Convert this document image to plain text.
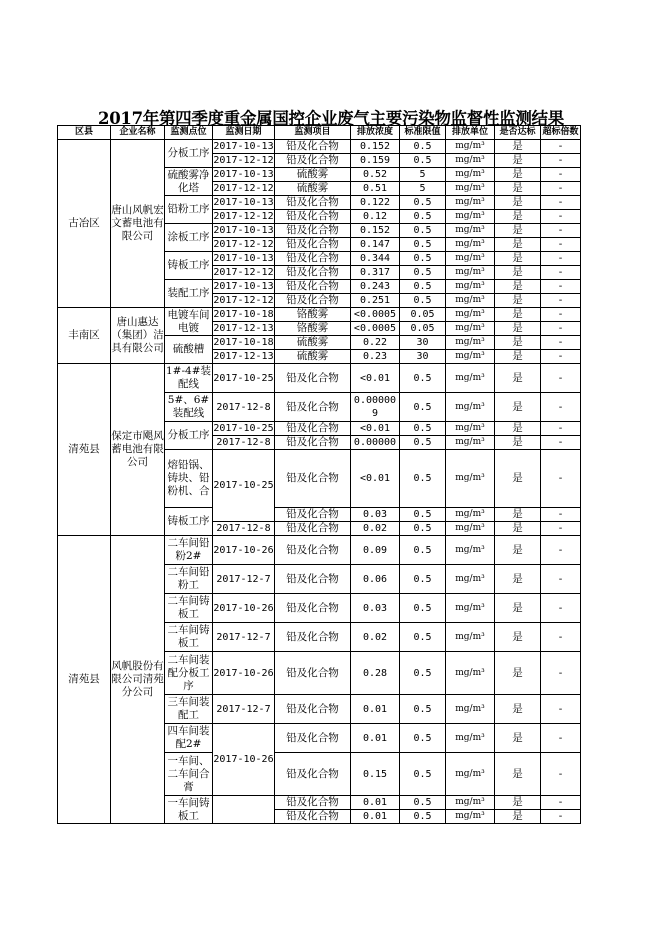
2017年第四季度重金属国控企业废气主要污染物监督性监测结果
区县	企业名称	监测点位	监测日期	监测项目	排放浓度	标准限值	排放单位	是否达标	超标倍数
古冶区	唐山风帆宏文蓄电池有限公司	分板工序	2017-10-13	铅及化合物	0.152	0.5	mg/m³	是	-
			2017-12-12	铅及化合物	0.159	0.5	mg/m³	是	-
		硫酸雾净化塔	2017-10-13	硫酸雾	0.52	5	mg/m³	是	-
			2017-12-12	硫酸雾	0.51	5	mg/m³	是	-
		铅粉工序	2017-10-13	铅及化合物	0.122	0.5	mg/m³	是	-
			2017-12-12	铅及化合物	0.12	0.5	mg/m³	是	-
		涂板工序	2017-10-13	铅及化合物	0.152	0.5	mg/m³	是	-
			2017-12-12	铅及化合物	0.147	0.5	mg/m³	是	-
		铸板工序	2017-10-13	铅及化合物	0.344	0.5	mg/m³	是	-
			2017-12-12	铅及化合物	0.317	0.5	mg/m³	是	-
		装配工序	2017-10-13	铅及化合物	0.243	0.5	mg/m³	是	-
			2017-12-12	铅及化合物	0.251	0.5	mg/m³	是	-
丰南区	唐山惠达（集团）洁具有限公司	电镀车间电镀	2017-10-18	铬酸雾	<0.0005	0.05	mg/m³	是	-
			2017-12-13	铬酸雾	<0.0005	0.05	mg/m³	是	-
		硫酸槽	2017-10-18	硫酸雾	0.22	30	mg/m³	是	-
			2017-12-13	硫酸雾	0.23	30	mg/m³	是	-
清苑县	保定市飓风蓄电池有限公司	1#-4#装配线	2017-10-25	铅及化合物	<0.01	0.5	mg/m³	是	-
		5#、6#装配线	2017-12-8	铅及化合物	0.000009	0.5	mg/m³	是	-
		分板工序	2017-10-25	铅及化合物	<0.01	0.5	mg/m³	是	-
			2017-12-8	铅及化合物	0.00000	0.5	mg/m³	是	-
		熔铅锅、铸块、铅粉机、合	2017-10-25	铅及化合物	<0.01	0.5	mg/m³	是	-
		铸板工序		铅及化合物	0.03	0.5	mg/m³	是	-
			2017-12-8	铅及化合物	0.02	0.5	mg/m³	是	-
清苑县	风帆股份有限公司清苑分公司	二车间铅粉2#	2017-10-26	铅及化合物	0.09	0.5	mg/m³	是	-
		二车间铅粉工	2017-12-7	铅及化合物	0.06	0.5	mg/m³	是	-
		二车间铸板工	2017-10-26	铅及化合物	0.03	0.5	mg/m³	是	-
		二车间铸板工	2017-12-7	铅及化合物	0.02	0.5	mg/m³	是	-
		二车间装配分板工序	2017-10-26	铅及化合物	0.28	0.5	mg/m³	是	-
		三车间装配工	2017-12-7	铅及化合物	0.01	0.5	mg/m³	是	-
		四车间装配2#	2017-10-26	铅及化合物	0.01	0.5	mg/m³	是	-
		一车间、二车间合膏		铅及化合物	0.15	0.5	mg/m³	是	-
		一车间铸板工		铅及化合物	0.01	0.5	mg/m³	是	-
				铅及化合物	0.01	0.5	mg/m³	是	-
